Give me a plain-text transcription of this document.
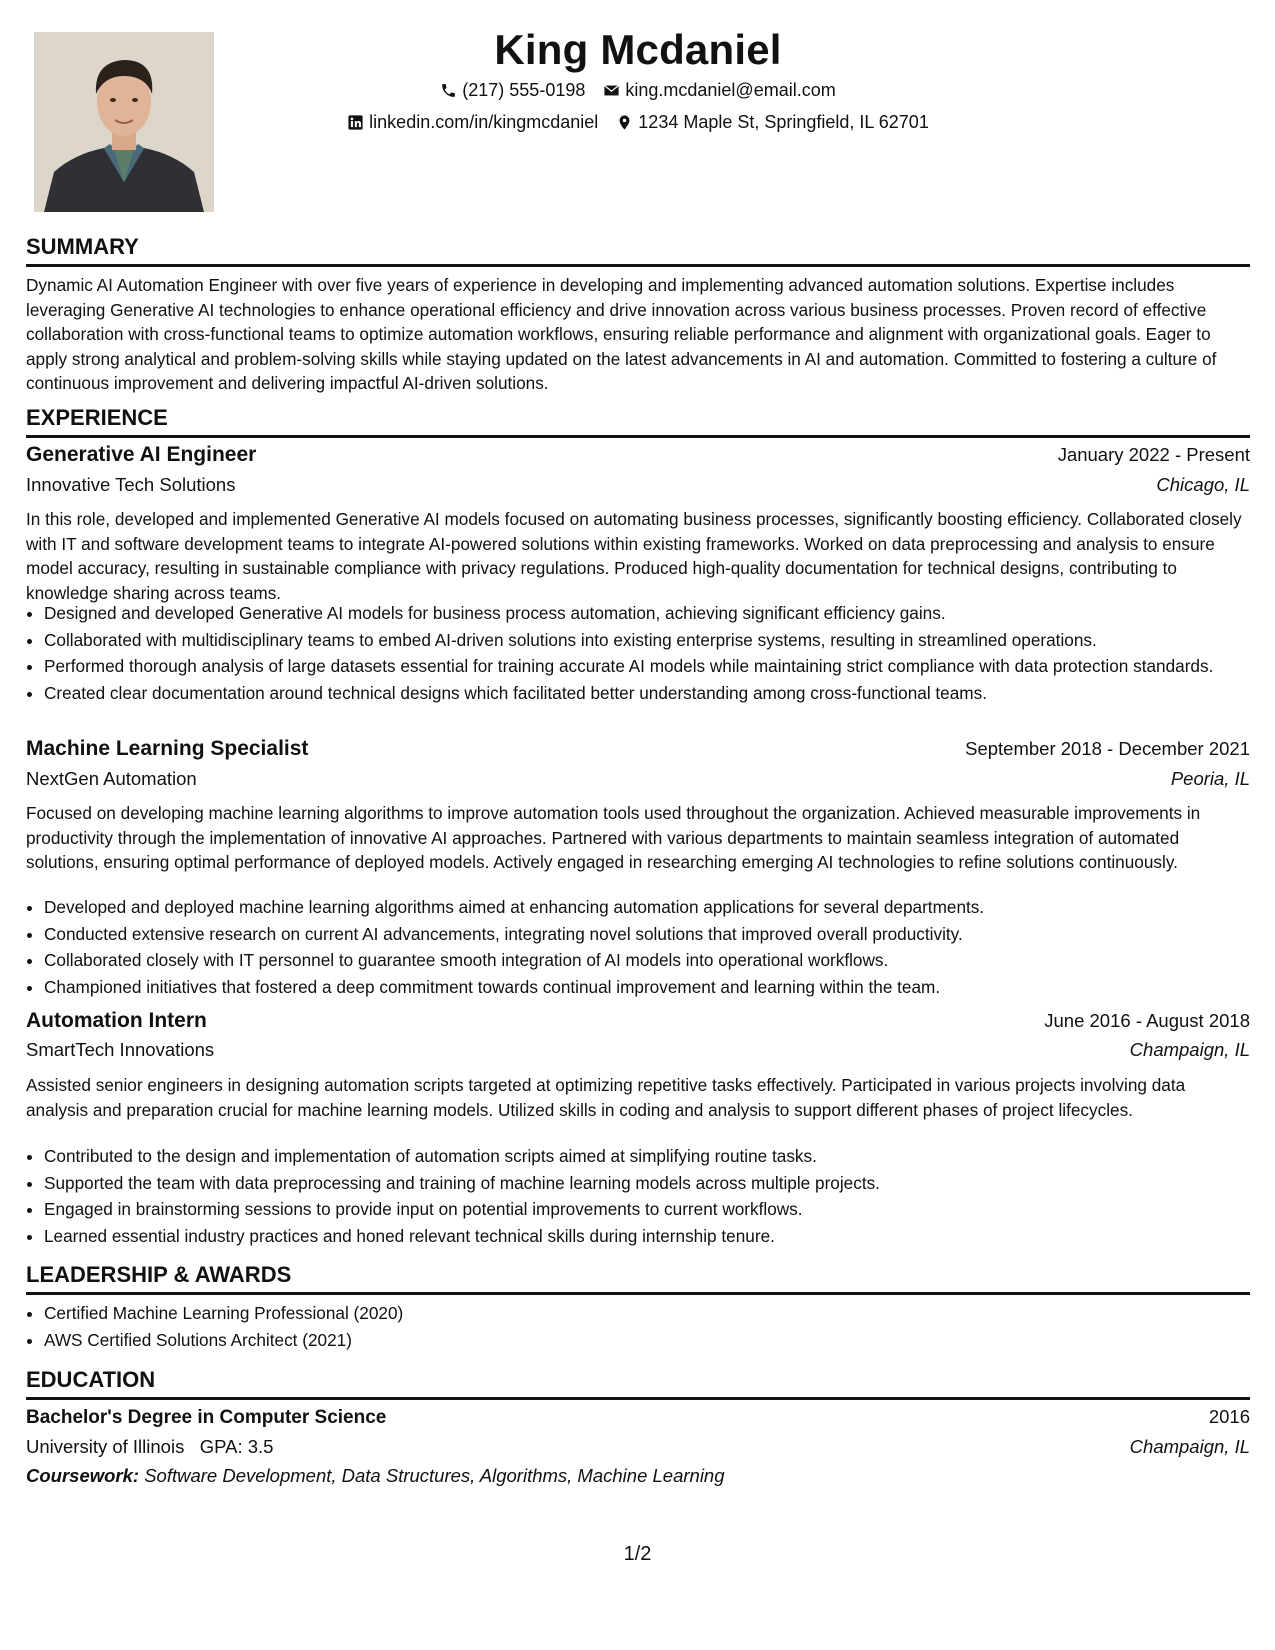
King Mcdaniel
(217) 555-0198 king.mcdaniel@email.com
linkedin.com/in/kingmcdaniel 1234 Maple St, Springfield, IL 62701
SUMMARY

Dynamic AI Automation Engineer with over five years of experience in developing and implementing advanced automation solutions. Expertise includes leveraging Generative AI technologies to enhance operational efficiency and drive innovation across various business processes. Proven record of effective collaboration with cross-functional teams to optimize automation workflows, ensuring reliable performance and alignment with organizational goals. Eager to apply strong analytical and problem-solving skills while staying updated on the latest advancements in AI and automation. Committed to fostering a culture of continuous improvement and delivering impactful AI-driven solutions.

EXPERIENCE
Generative AI Engineer	January 2022 - Present
Innovative Tech Solutions	Chicago, IL

In this role, developed and implemented Generative AI models focused on automating business processes, significantly boosting efficiency. Collaborated closely with IT and software development teams to integrate AI-powered solutions within existing frameworks. Worked on data preprocessing and analysis to ensure model accuracy, resulting in sustainable compliance with privacy regulations. Produced high-quality documentation for technical designs, contributing to knowledge sharing across teams.

• Designed and developed Generative AI models for business process automation, achieving significant efficiency gains.
• Collaborated with multidisciplinary teams to embed AI-driven solutions into existing enterprise systems, resulting in streamlined operations.
• Performed thorough analysis of large datasets essential for training accurate AI models while maintaining strict compliance with data protection standards.
• Created clear documentation around technical designs which facilitated better understanding among cross-functional teams.
Machine Learning Specialist	September 2018 - December 2021
NextGen Automation	Peoria, IL

Focused on developing machine learning algorithms to improve automation tools used throughout the organization. Achieved measurable improvements in productivity through the implementation of innovative AI approaches. Partnered with various departments to maintain seamless integration of automated solutions, ensuring optimal performance of deployed models. Actively engaged in researching emerging AI technologies to refine solutions continuously.

• Developed and deployed machine learning algorithms aimed at enhancing automation applications for several departments.
• Conducted extensive research on current AI advancements, integrating novel solutions that improved overall productivity.
• Collaborated closely with IT personnel to guarantee smooth integration of AI models into operational workflows.
• Championed initiatives that fostered a deep commitment towards continual improvement and learning within the team.
Automation Intern	June 2016 - August 2018
SmartTech Innovations	Champaign, IL

Assisted senior engineers in designing automation scripts targeted at optimizing repetitive tasks effectively. Participated in various projects involving data analysis and preparation crucial for machine learning models. Utilized skills in coding and analysis to support different phases of project lifecycles.

• Contributed to the design and implementation of automation scripts aimed at simplifying routine tasks.
• Supported the team with data preprocessing and training of machine learning models across multiple projects.
• Engaged in brainstorming sessions to provide input on potential improvements to current workflows.
• Learned essential industry practices and honed relevant technical skills during internship tenure.
LEADERSHIP & AWARDS
• Certified Machine Learning Professional (2020)
• AWS Certified Solutions Architect (2021)
EDUCATION
Bachelor's Degree in Computer Science	2016
University of Illinois GPA: 3.5	Champaign, IL
Coursework: Software Development, Data Structures, Algorithms, Machine Learning
1/2
